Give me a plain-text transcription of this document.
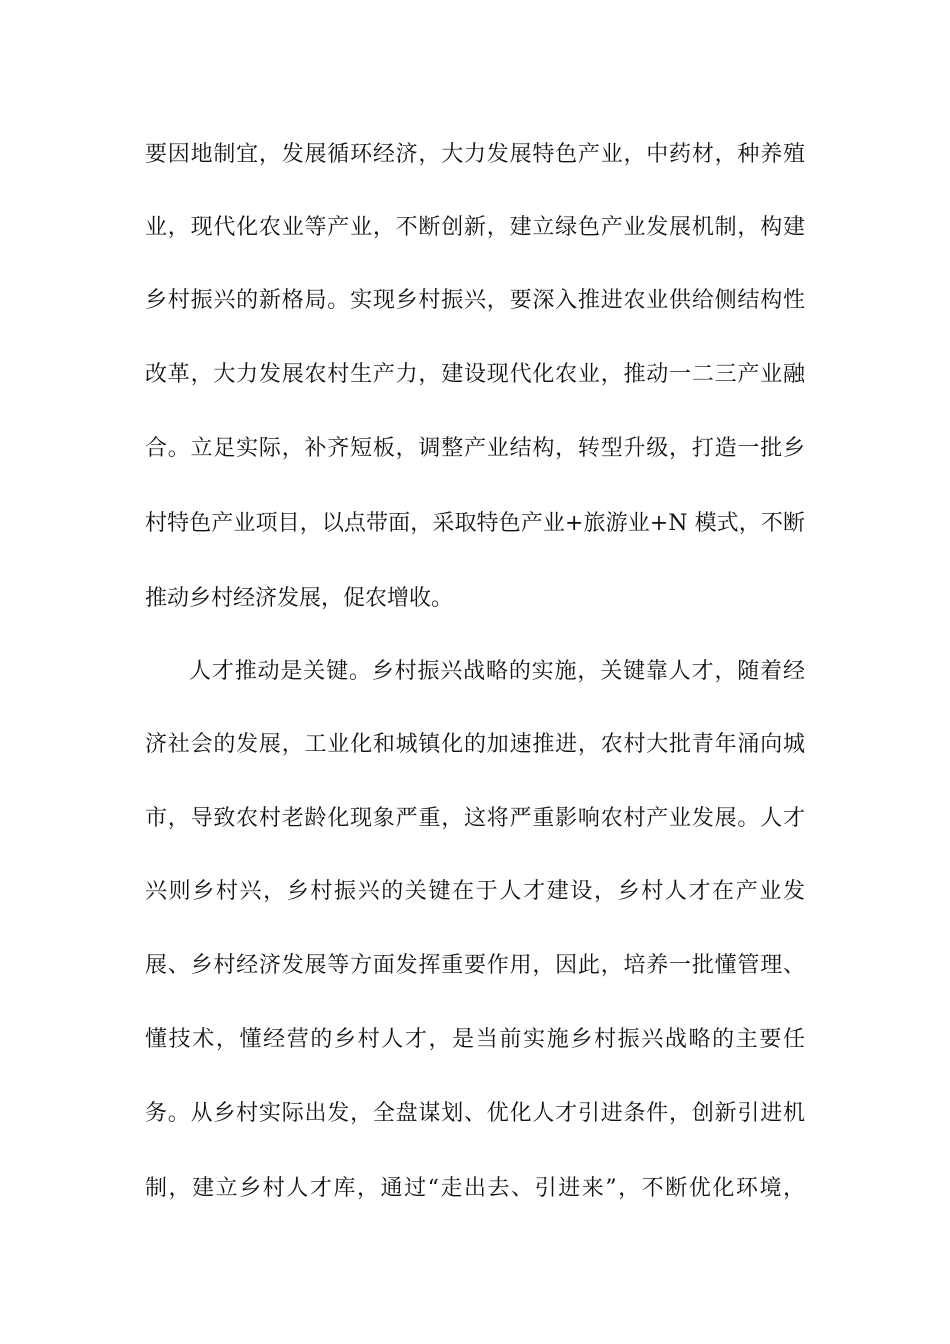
要因地制宜，发展循环经济，大力发展特色产业，中药材，种养殖
业，现代化农业等产业，不断创新，建立绿色产业发展机制，构建
乡村振兴的新格局。实现乡村振兴，要深入推进农业供给侧结构性
改革，大力发展农村生产力，建设现代化农业，推动一二三产业融
合。立足实际，补齐短板，调整产业结构，转型升级，打造一批乡
村特色产业项目，以点带面，采取特色产业+旅游业+N 模式，不断
推动乡村经济发展，促农增收。
人才推动是关键。乡村振兴战略的实施，关键靠人才，随着经
济社会的发展，工业化和城镇化的加速推进，农村大批青年涌向城
市，导致农村老龄化现象严重，这将严重影响农村产业发展。人才
兴则乡村兴，乡村振兴的关键在于人才建设，乡村人才在产业发
展、乡村经济发展等方面发挥重要作用，因此，培养一批懂管理、
懂技术，懂经营的乡村人才，是当前实施乡村振兴战略的主要任
务。从乡村实际出发，全盘谋划、优化人才引进条件，创新引进机
制，建立乡村人才库，通过“走出去、引进来”，不断优化环境，
